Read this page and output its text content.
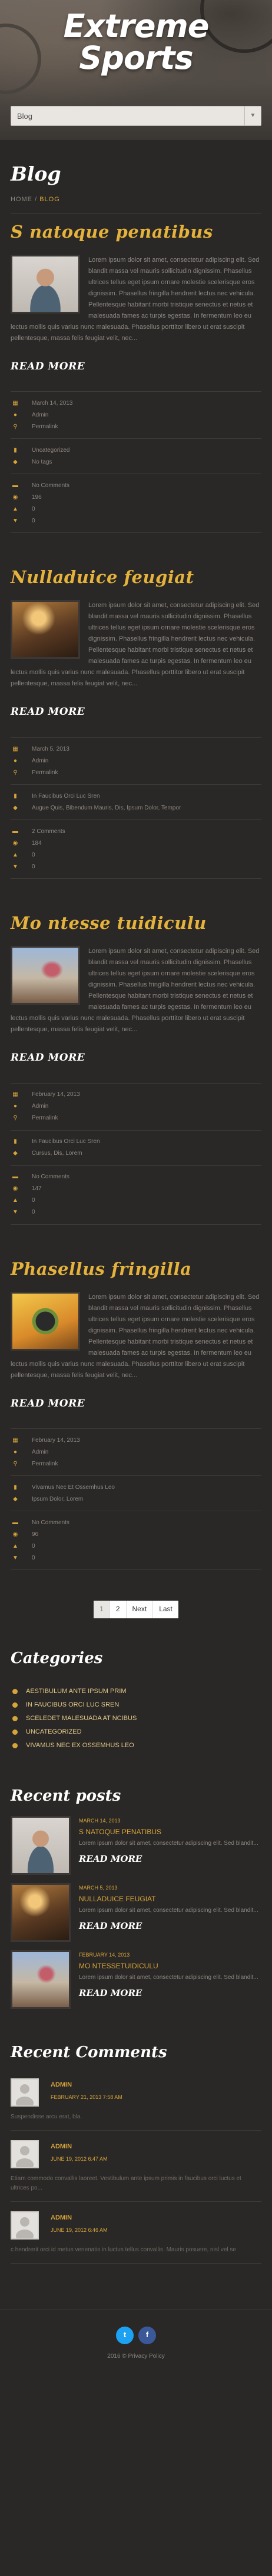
Extreme
Sports
Blog	▼
Blog
HOME / BLOG
S natoque penatibus

Lorem ipsum dolor sit amet, consectetur adipiscing elit. Sed blandit massa vel mauris sollicitudin dignissim. Phasellus ultrices tellus eget ipsum ornare molestie scelerisque eros dignissim. Phasellus fringilla hendrerit lectus nec vehicula. Pellentesque habitant morbi tristique senectus et netus et malesuada fames ac turpis egestas. In fermentum leo eu lectus mollis quis varius nunc malesuada. Phasellus porttitor libero ut erat suscipit pellentesque, massa felis feugiat velit, nec...

READ MORE
▦	March 14, 2013
●	Admin
⚲	Permalink
▮	Uncategorized
◆	No tags
▬	No Comments
◉	196
▲	0
▼	0
Nulladuice feugiat

Lorem ipsum dolor sit amet, consectetur adipiscing elit. Sed blandit massa vel mauris sollicitudin dignissim. Phasellus ultrices tellus eget ipsum ornare molestie scelerisque eros dignissim. Phasellus fringilla hendrerit lectus nec vehicula. Pellentesque habitant morbi tristique senectus et netus et malesuada fames ac turpis egestas. In fermentum leo eu lectus mollis quis varius nunc malesuada. Phasellus porttitor libero ut erat suscipit pellentesque, massa felis feugiat velit, nec...

READ MORE
▦	March 5, 2013
●	Admin
⚲	Permalink
▮	In Faucibus Orci Luc Sren
◆	Augue Quis, Bibendum Mauris, Dis, Ipsum Dolor, Tempor
▬	2 Comments
◉	184
▲	0
▼	0
Mo ntesse tuidiculu

Lorem ipsum dolor sit amet, consectetur adipiscing elit. Sed blandit massa vel mauris sollicitudin dignissim. Phasellus ultrices tellus eget ipsum ornare molestie scelerisque eros dignissim. Phasellus fringilla hendrerit lectus nec vehicula. Pellentesque habitant morbi tristique senectus et netus et malesuada fames ac turpis egestas. In fermentum leo eu lectus mollis quis varius nunc malesuada. Phasellus porttitor libero ut erat suscipit pellentesque, massa felis feugiat velit, nec...

READ MORE
▦	February 14, 2013
●	Admin
⚲	Permalink
▮	In Faucibus Orci Luc Sren
◆	Cursus, Dis, Lorem
▬	No Comments
◉	147
▲	0
▼	0
Phasellus fringilla

Lorem ipsum dolor sit amet, consectetur adipiscing elit. Sed blandit massa vel mauris sollicitudin dignissim. Phasellus ultrices tellus eget ipsum ornare molestie scelerisque eros dignissim. Phasellus fringilla hendrerit lectus nec vehicula. Pellentesque habitant morbi tristique senectus et netus et malesuada fames ac turpis egestas. In fermentum leo eu lectus mollis quis varius nunc malesuada. Phasellus porttitor libero ut erat suscipit pellentesque, massa felis feugiat velit, nec...

READ MORE
▦	February 14, 2013
●	Admin
⚲	Permalink
▮	Vivamus Nec Et Ossemhus Leo
◆	Ipsum Dolor, Lorem
▬	No Comments
◉	96
▲	0
▼	0
1	2	Next	Last
Categories
AESTIBULUM ANTE IPSUM PRIM
IN FAUCIBUS ORCI LUC SREN
SCELEDET MALESUADA AT NCIBUS
UNCATEGORIZED
VIVAMUS NEC EX OSSEMHUS LEO
Recent posts
MARCH 14, 2013
S NATOQUE PENATIBUS
Lorem ipsum dolor sit amet, consectetur adipiscing elit. Sed blandit...
READ MORE
MARCH 5, 2013
NULLADUICE FEUGIAT
Lorem ipsum dolor sit amet, consectetur adipiscing elit. Sed blandit...
READ MORE
FEBRUARY 14, 2013
MO NTESSETUIDICULU
Lorem ipsum dolor sit amet, consectetur adipiscing elit. Sed blandit...
READ MORE
Recent Comments
ADMIN
FEBRUARY 21, 2013 7:58 AM

Suspendisse arcu erat, bla.

ADMIN
JUNE 19, 2012 6:47 AM

Etiam commodo convallis laoreet. Vestibulum ante ipsum primis in faucibus orci luctus et ultrices po...

ADMIN
JUNE 19, 2012 6:46 AM

c hendrerit orci id metus venenatis in luctus tellus convallis. Mauris posuere, nisl vel se

t	f
2016 © Privacy Policy
